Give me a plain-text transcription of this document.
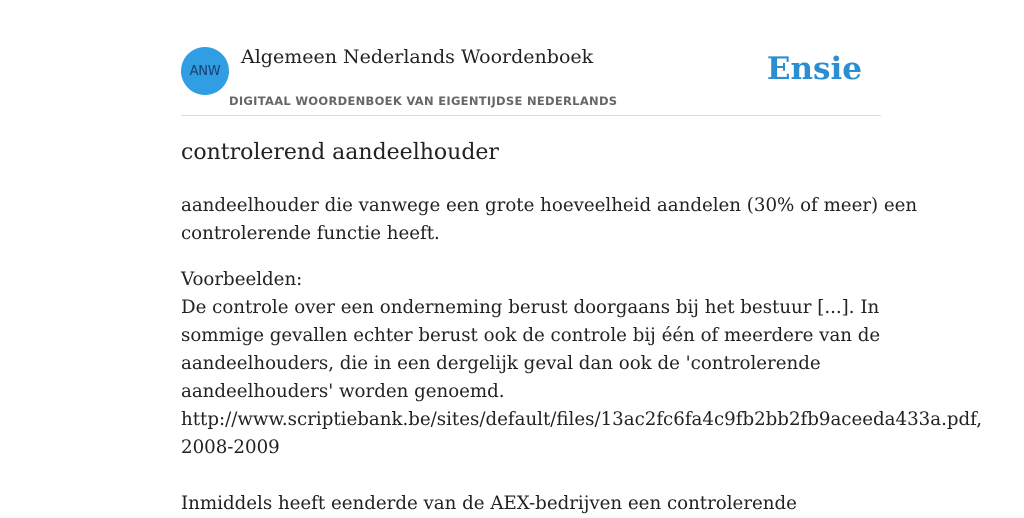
ANW
Algemeen Nederlands Woordenboek
DIGITAAL WOORDENBOEK VAN EIGENTIJDSE NEDERLANDS
Ensie
controlerend aandeelhouder
aandeelhouder die vanwege een grote hoeveelheid aandelen (30% of meer) een
controlerende functie heeft.

Voorbeelden:

De controle over een onderneming berust doorgaans bij het bestuur [...]. In

sommige gevallen echter berust ook de controle bij één of meerdere van de

aandeelhouders, die in een dergelijk geval dan ook de 'controlerende

aandeelhouders' worden genoemd.

http://www.scriptiebank.be/sites/default/files/13ac2fc6fa4c9fb2bb2fb9aceeda433a.pdf,

2008-2009

Inmiddels heeft eenderde van de AEX-bedrijven een controlerende
